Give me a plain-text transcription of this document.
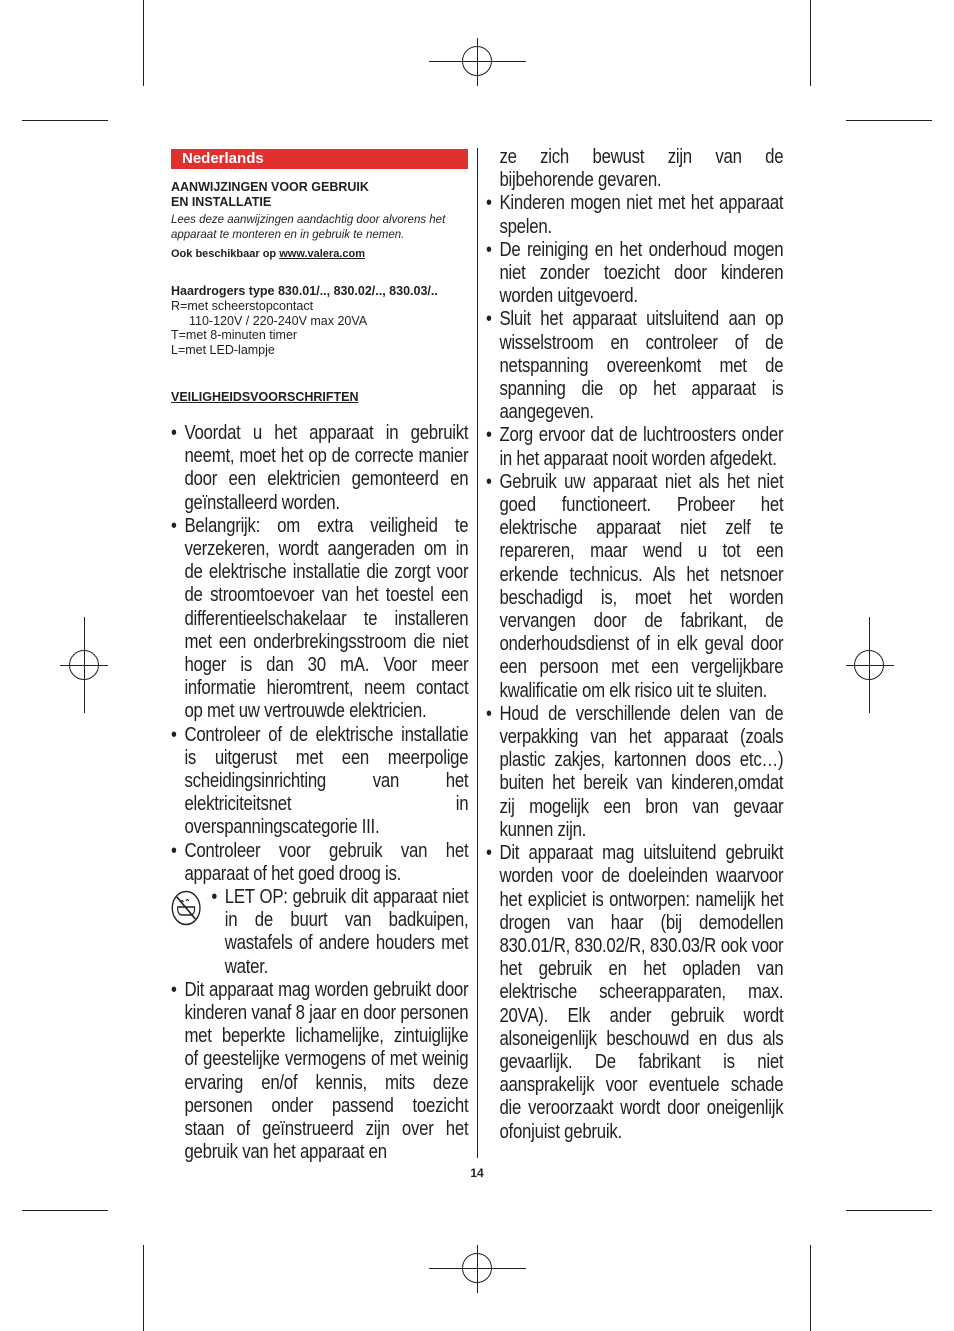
Nederlands
AANWIJZINGEN VOOR GEBRUIK
EN INSTALLATIE
Lees deze aanwijzingen aandachtig door alvorens het apparaat te monteren en in gebruik te nemen.
Ook beschikbaar op www.valera.com
Haardrogers type 830.01/.., 830.02/.., 830.03/..
R=met scheerstopcontact
110-120V / 220-240V max 20VA
T=met 8-minuten timer
L=met LED-lampje
VEILIGHEIDSVOORSCHRIFTEN
• Voordat u het apparaat in gebruikt neemt, moet het op de correcte manier door een elektricien gemonteerd en geïnstalleerd worden.
• Belangrijk: om extra veiligheid te verzekeren, wordt aangeraden om in de elektrische installatie die zorgt voor de stroomtoevoer van het toestel een differentieelschakelaar te installeren met een onderbrekingsstroom die niet hoger is dan 30 mA. Voor meer informatie hieromtrent, neem contact op met uw vertrouwde elektricien.
• Controleer of de elektrische installatie is uitgerust met een meerpolige scheidingsinrichting van het elektriciteitsnet in overspanningscategorie III.
• Controleer voor gebruik van het apparaat of het goed droog is.
• LET OP: gebruik dit apparaat niet in de buurt van badkuipen, wastafels of andere houders met water.
• Dit apparaat mag worden gebruikt door kinderen vanaf 8 jaar en door personen met beperkte lichamelijke, zintuiglijke of geestelijke vermogens of met weinig ervaring en/of kennis, mits deze personen onder passend toezicht staan of geïnstrueerd zijn over het gebruik van het apparaat en
ze zich bewust zijn van de bijbehorende gevaren.
• Kinderen mogen niet met het apparaat spelen.
• De reiniging en het onderhoud mogen niet zonder toezicht door kinderen worden uitgevoerd.
• Sluit het apparaat uitsluitend aan op wisselstroom en controleer of de netspanning overeenkomt met de spanning die op het apparaat is aangegeven.
• Zorg ervoor dat de luchtroosters onder in het apparaat nooit worden afgedekt.
• Gebruik uw apparaat niet als het niet goed functioneert. Probeer het elektrische apparaat niet zelf te repareren, maar wend u tot een erkende technicus. Als het netsnoer beschadigd is, moet het worden vervangen door de fabrikant, de onderhoudsdienst of in elk geval door een persoon met een vergelijkbare kwalificatie om elk risico uit te sluiten.
• Houd de verschillende delen van de verpakking van het apparaat (zoals plastic zakjes, kartonnen doos etc…) buiten het bereik van kinderen,omdat zij mogelijk een bron van gevaar kunnen zijn.
• Dit apparaat mag uitsluitend gebruikt worden voor de doeleinden waarvoor het expliciet is ontworpen: namelijk het drogen van haar (bij demodellen 830.01/R, 830.02/R, 830.03/R ook voor het gebruik en het opladen van elektrische scheerapparaten, max. 20VA). Elk ander gebruik wordt alsoneigenlijk beschouwd en dus als gevaarlijk. De fabrikant is niet aansprakelijk voor eventuele schade die veroorzaakt wordt door oneigenlijk ofonjuist gebruik.
14
